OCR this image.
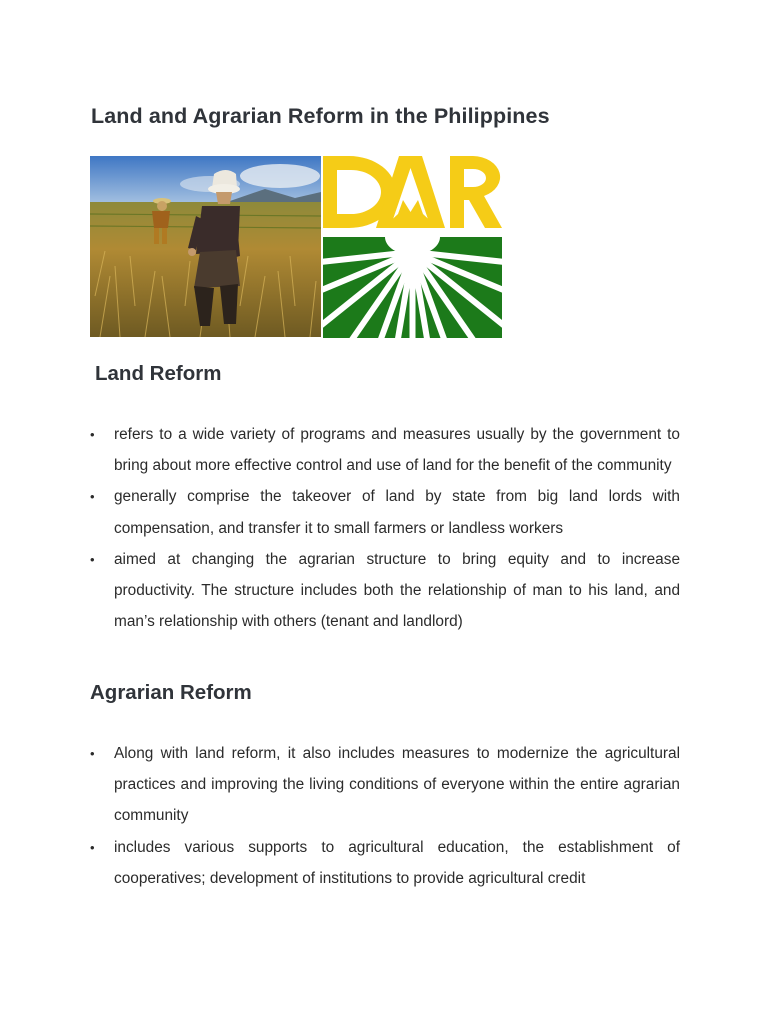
Land and Agrarian Reform in the Philippines
Land Reform
• refers to a wide variety of programs and measures usually by the government to bring about more effective control and use of land for the benefit of the community
• generally comprise the takeover of land by state from big land lords with compensation, and transfer it to small farmers or landless workers
• aimed at changing the agrarian structure to bring equity and to increase productivity. The structure includes both the relationship of man to his land, and man’s relationship with others (tenant and landlord)
Agrarian Reform
• Along with land reform, it also includes measures to modernize the agricultural practices and improving the living conditions of everyone within the entire agrarian community
• includes various supports to agricultural education, the establishment of cooperatives; development of institutions to provide agricultural credit
